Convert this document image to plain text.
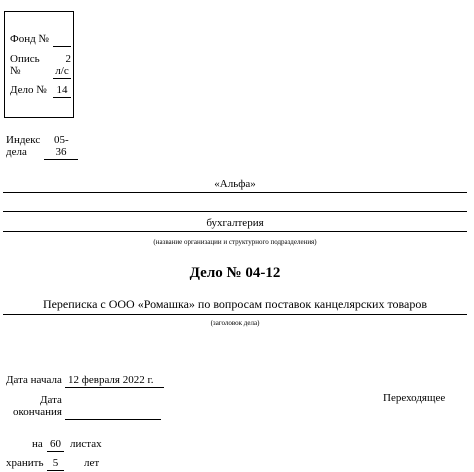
Фонд №
Опись
№
2
л/с
Дело № 14
Индекс
дела
05-
36
«Альфа»
бухгалтерия
(название организации и структурного подразделения)
Дело № 04-12
Переписка с ООО «Ромашка» по вопросам поставок канцелярских товаров
(заголовок дела)
Дата начала 12 февраля 2022 г.
Дата
окончания
Переходящее
на 60 листах
хранить 5	лет
